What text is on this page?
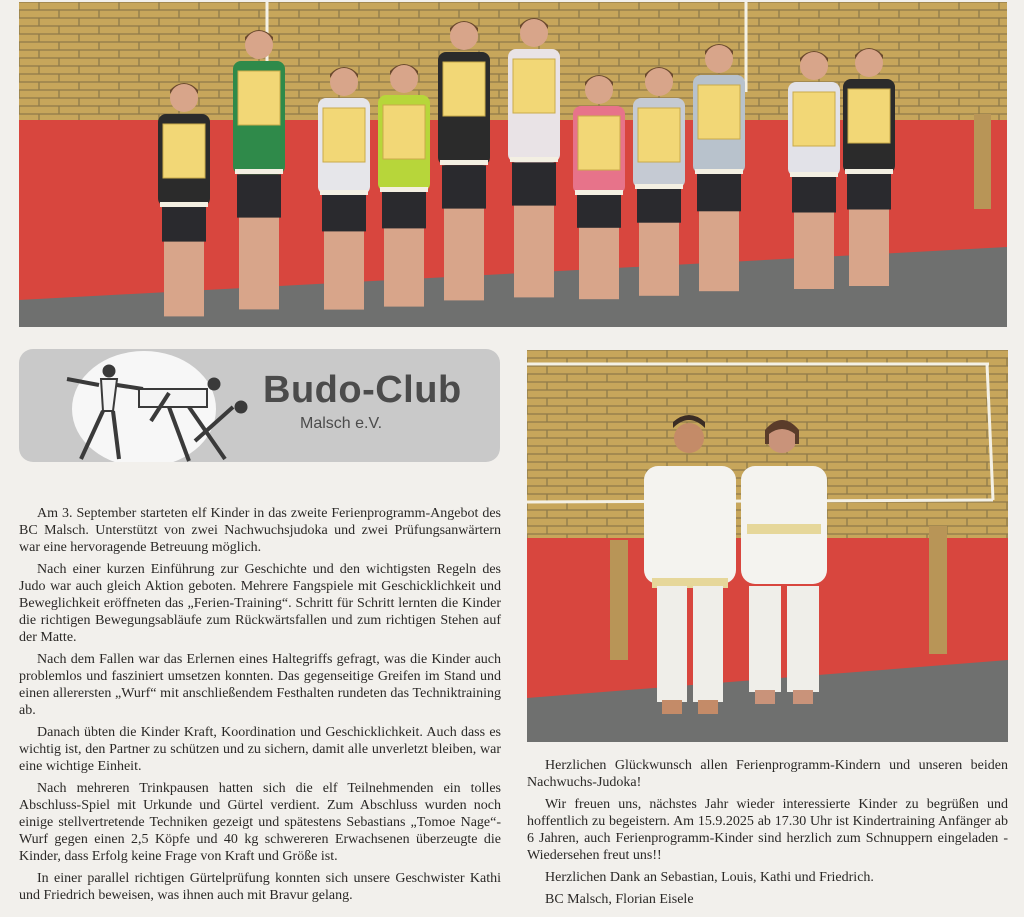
Budo-Club
Malsch e.V.

Am 3. September starteten elf Kinder in das zweite Ferienprogramm-Angebot des BC Malsch. Unterstützt von zwei Nachwuchsjudoka und zwei Prüfungsanwärtern war eine hervoragende Betreuung möglich.

Nach einer kurzen Einführung zur Geschichte und den wichtigsten Regeln des Judo war auch gleich Aktion geboten. Mehrere Fangspiele mit Geschicklichkeit und Beweglichkeit eröffneten das „Ferien-Training“. Schritt für Schritt lernten die Kinder die richtigen Bewegungsabläufe zum Rückwärtsfallen und zum richtigen Stehen auf der Matte.

Nach dem Fallen war das Erlernen eines Haltegriffs gefragt, was die Kinder auch problemlos und fasziniert umsetzen konnten. Das gegenseitige Greifen im Stand und einen allerersten „Wurf“ mit anschließendem Festhalten rundeten das Techniktraining ab.

Danach übten die Kinder Kraft, Koordination und Geschicklichkeit. Auch dass es wichtig ist, den Partner zu schützen und zu sichern, damit alle unverletzt bleiben, war eine wichtige Einheit.

Nach mehreren Trinkpausen hatten sich die elf Teilnehmenden ein tolles Abschluss-Spiel mit Urkunde und Gürtel verdient. Zum Abschluss wurden noch einige stellvertretende Techniken gezeigt und spätestens Sebastians „Tomoe Nage“-Wurf gegen einen 2,5 Köpfe und 40 kg schwereren Erwachsenen überzeugte die Kinder, dass Erfolg keine Frage von Kraft und Größe ist.

In einer parallel richtigen Gürtelprüfung konnten sich unsere Geschwister Kathi und Friedrich beweisen, was ihnen auch mit Bravur gelang.

Herzlichen Glückwunsch allen Ferienprogramm-Kindern und unseren beiden Nachwuchs-Judoka!

Wir freuen uns, nächstes Jahr wieder interessierte Kinder zu begrüßen und hoffentlich zu begeistern. Am 15.9.2025 ab 17.30 Uhr ist Kindertraining Anfänger ab 6 Jahren, auch Ferienprogramm-Kinder sind herzlich zum Schnuppern eingeladen - Wiedersehen freut uns!!

Herzlichen Dank an Sebastian, Louis, Kathi und Friedrich.

BC Malsch, Florian Eisele
